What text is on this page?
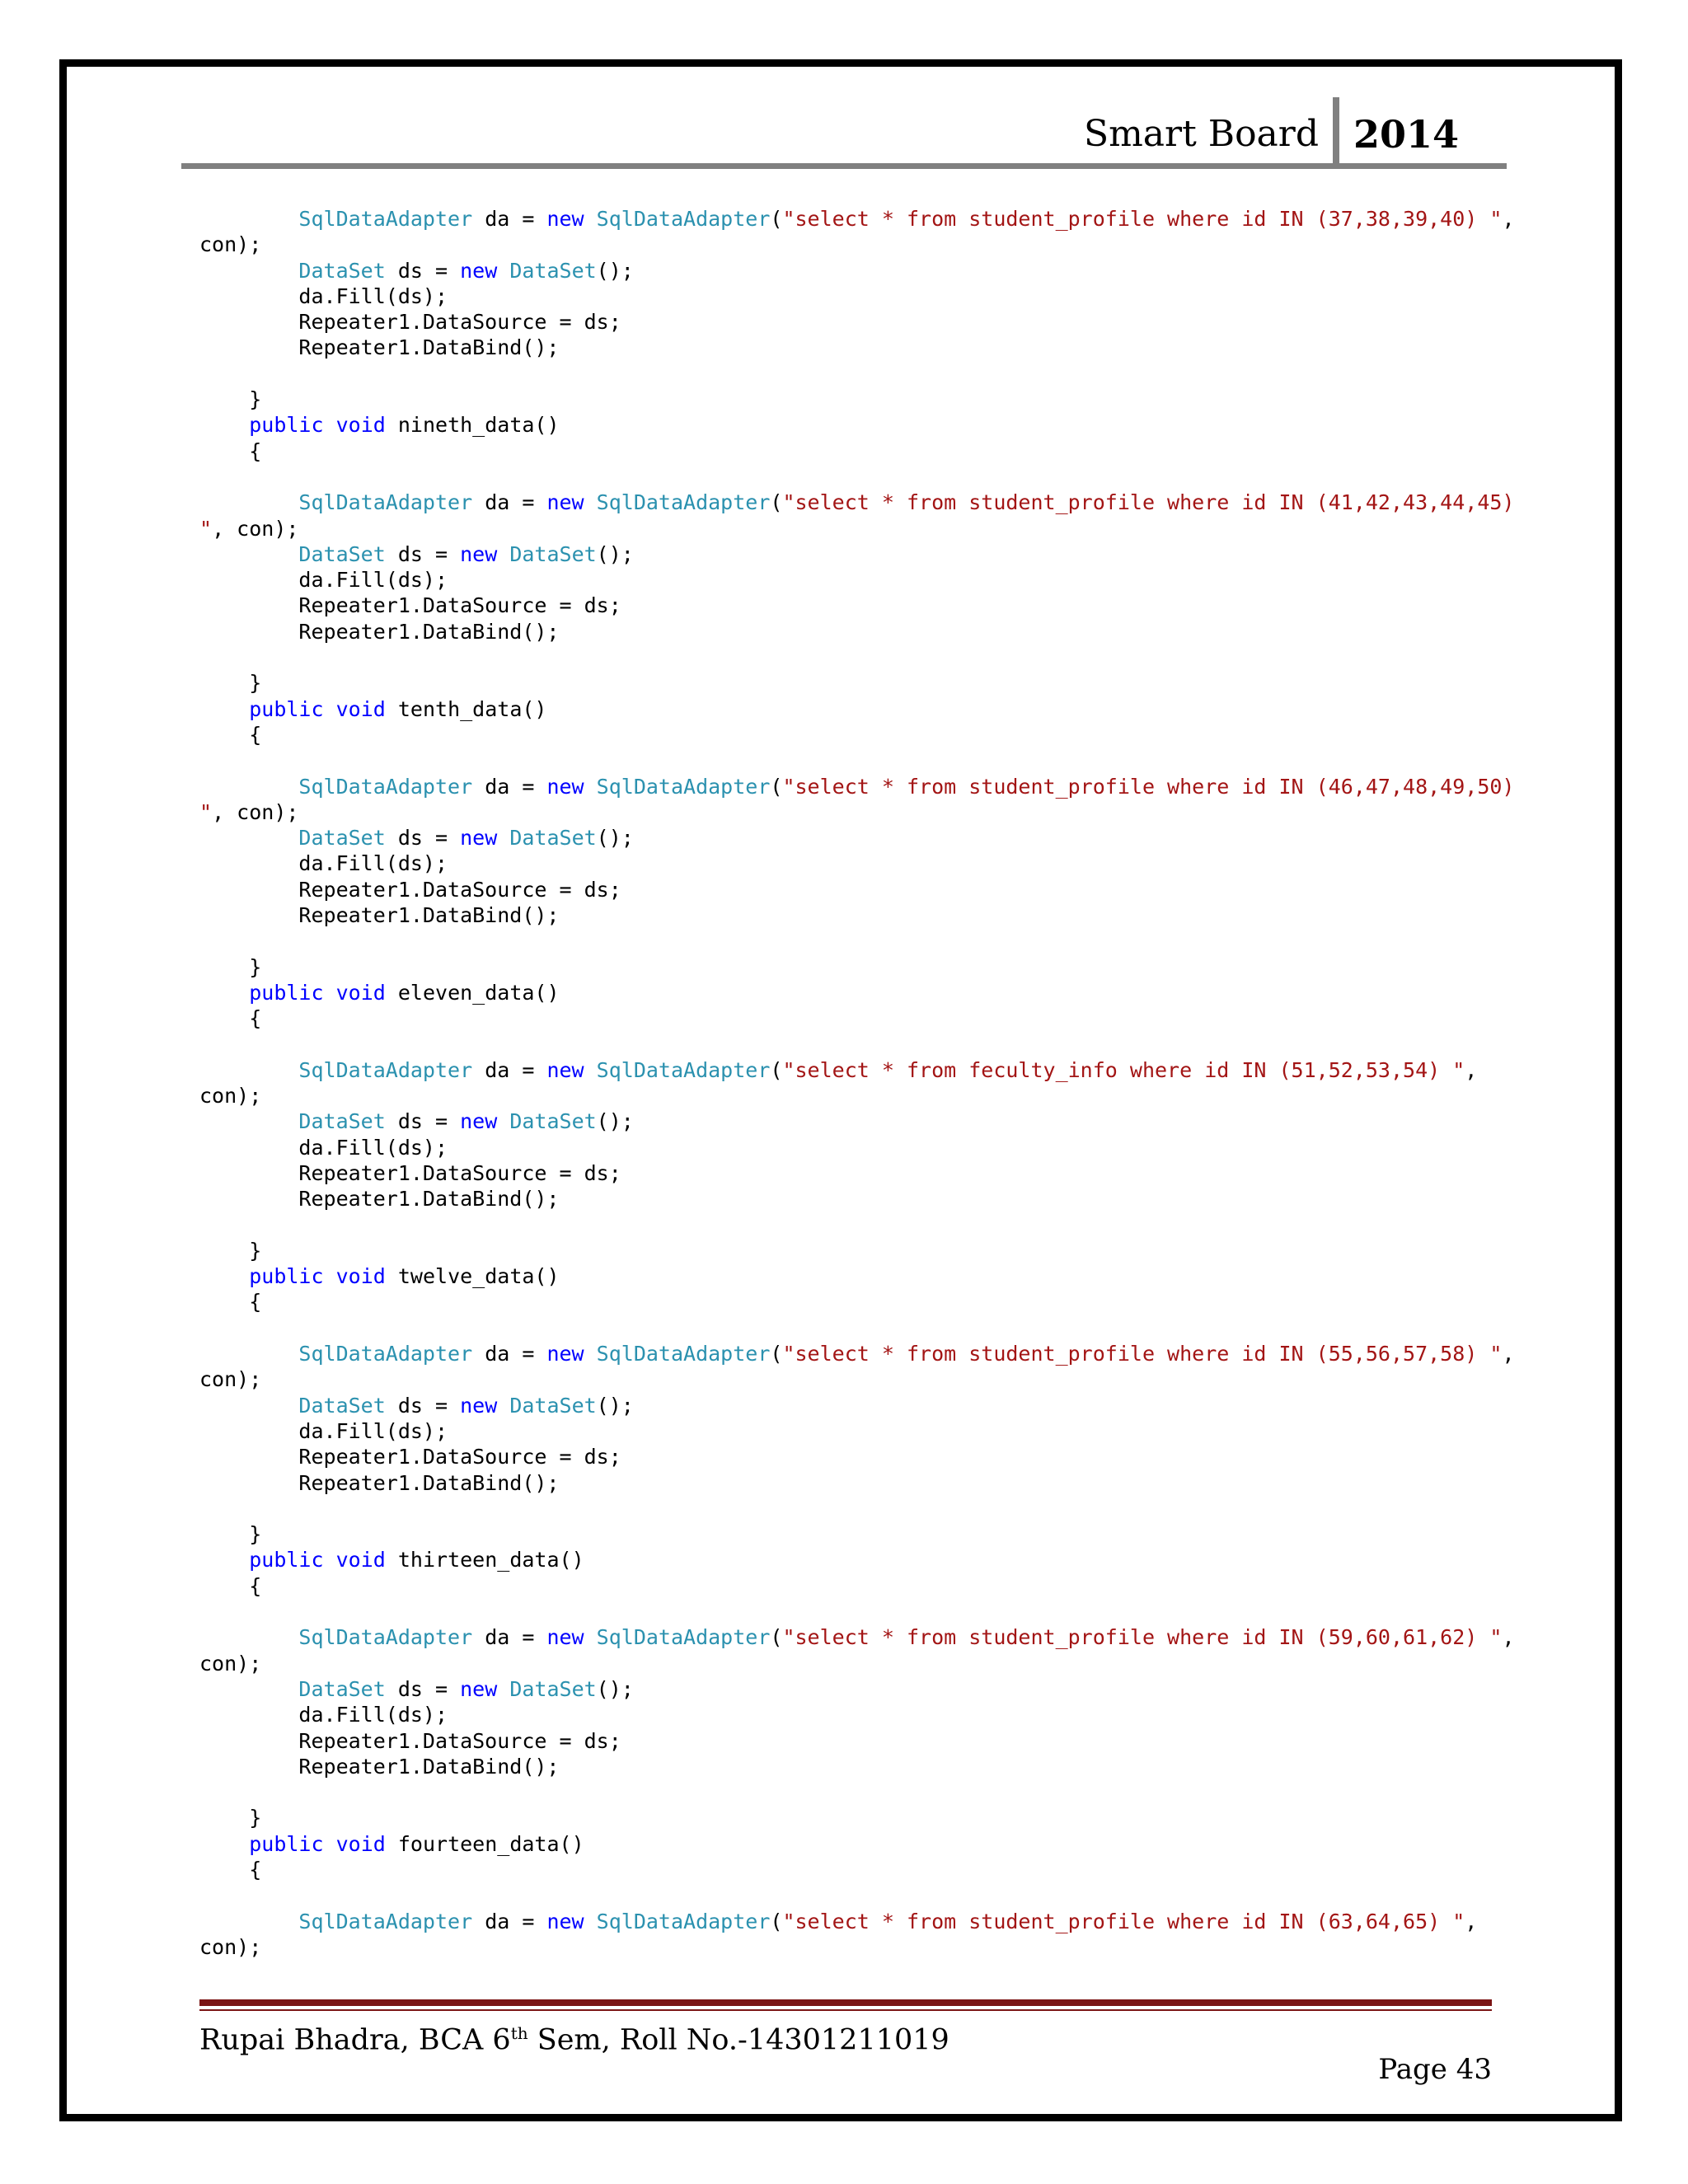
Smart Board 2014
SqlDataAdapter da = new SqlDataAdapter("select * from student_profile where id IN (37,38,39,40) ",
con);
DataSet ds = new DataSet();
da.Fill(ds);
Repeater1.DataSource = ds;
Repeater1.DataBind();
}
public void nineth_data()
{
SqlDataAdapter da = new SqlDataAdapter("select * from student_profile where id IN (41,42,43,44,45)
", con);
DataSet ds = new DataSet();
da.Fill(ds);
Repeater1.DataSource = ds;
Repeater1.DataBind();
}
public void tenth_data()
{
SqlDataAdapter da = new SqlDataAdapter("select * from student_profile where id IN (46,47,48,49,50)
", con);
DataSet ds = new DataSet();
da.Fill(ds);
Repeater1.DataSource = ds;
Repeater1.DataBind();
}
public void eleven_data()
{
SqlDataAdapter da = new SqlDataAdapter("select * from feculty_info where id IN (51,52,53,54) ",
con);
DataSet ds = new DataSet();
da.Fill(ds);
Repeater1.DataSource = ds;
Repeater1.DataBind();
}
public void twelve_data()
{
SqlDataAdapter da = new SqlDataAdapter("select * from student_profile where id IN (55,56,57,58) ",
con);
DataSet ds = new DataSet();
da.Fill(ds);
Repeater1.DataSource = ds;
Repeater1.DataBind();
}
public void thirteen_data()
{
SqlDataAdapter da = new SqlDataAdapter("select * from student_profile where id IN (59,60,61,62) ",
con);
DataSet ds = new DataSet();
da.Fill(ds);
Repeater1.DataSource = ds;
Repeater1.DataBind();
}
public void fourteen_data()
{
SqlDataAdapter da = new SqlDataAdapter("select * from student_profile where id IN (63,64,65) ",
con);
Rupai Bhadra, BCA 6th Sem, Roll No.-14301211019
Page 43
